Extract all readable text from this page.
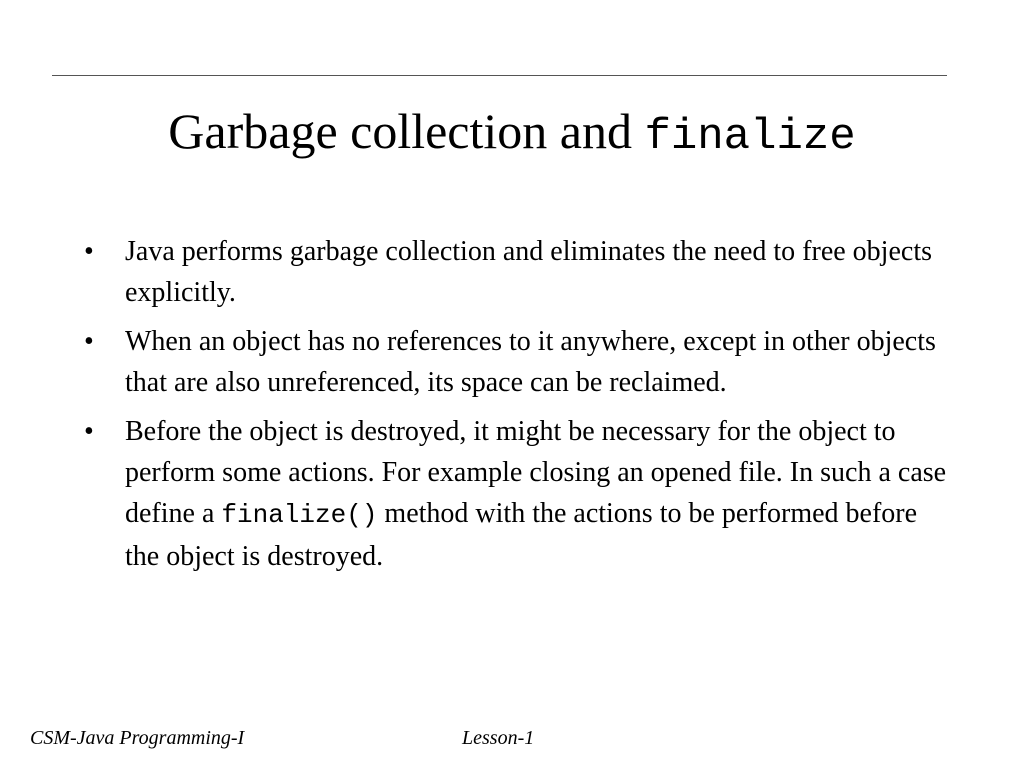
Garbage collection and finalize
• Java performs garbage collection and eliminates the need to free objects explicitly.
• When an object has no references to it anywhere, except in other objects that are also unreferenced, its space can be reclaimed.
• Before the object is destroyed, it might be necessary for the object to perform some actions. For example closing an opened file. In such a case define a finalize() method with the actions to be performed before the object is destroyed.
CSM-Java Programming-I	Lesson-1
